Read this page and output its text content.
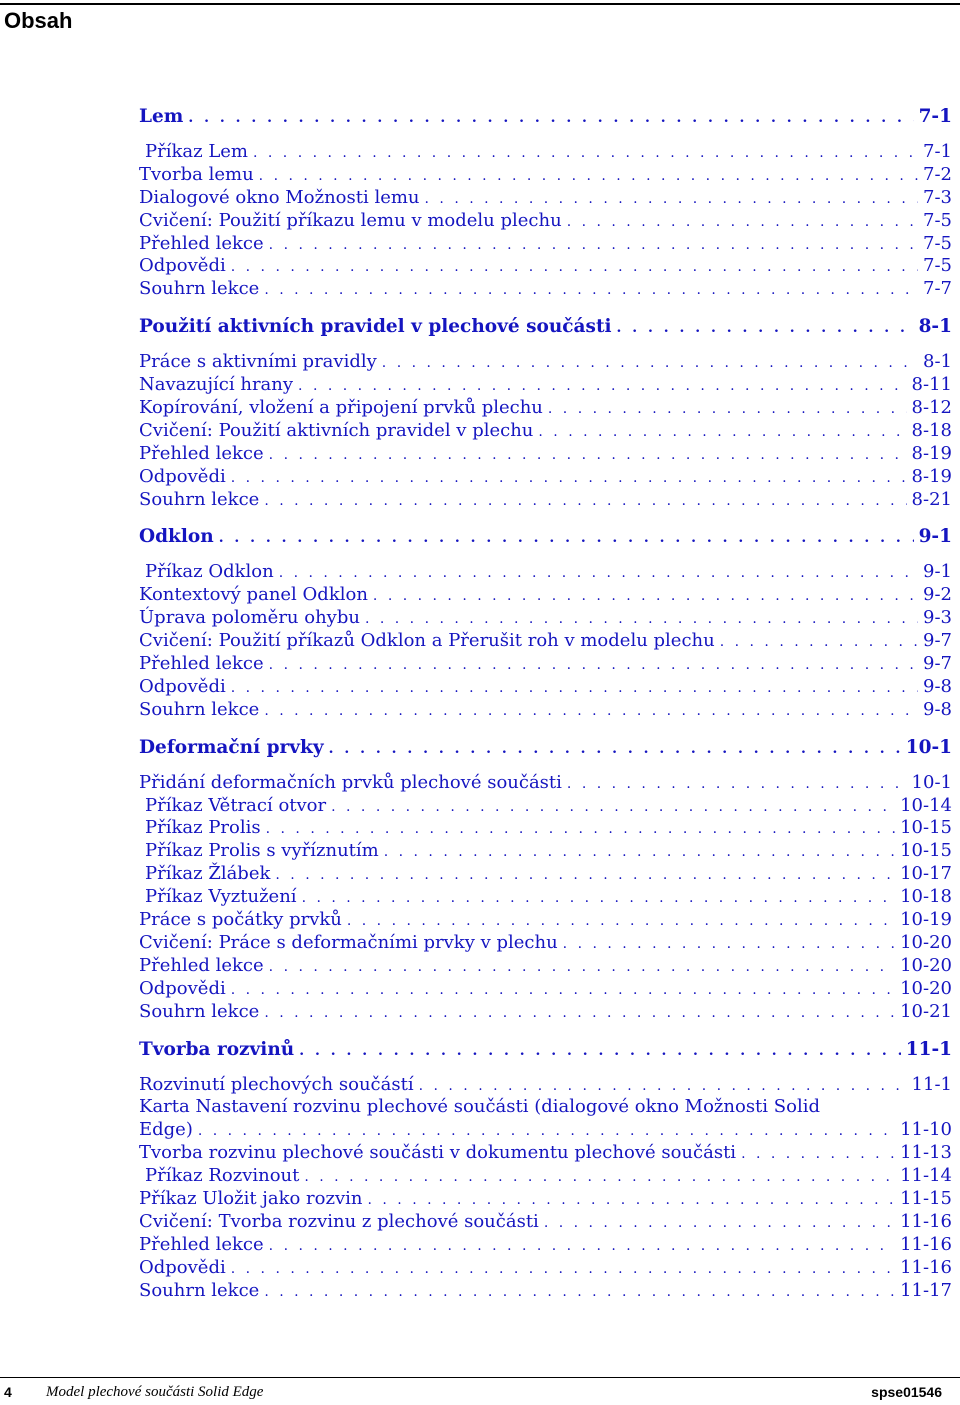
Obsah
Lem . . .	7-1
Příkaz Lem . . .	7-1
Tvorba lemu . . .	7-2
Dialogové okno Možnosti lemu . . .	7-3
Cvičení: Použití příkazu lemu v modelu plechu . . .	7-5
Přehled lekce . . .	7-5
Odpovědi . . .	7-5
Souhrn lekce . . .	7-7
Použití aktivních pravidel v plechové součásti . . .	8-1
Práce s aktivními pravidly . . .	8-1
Navazující hrany . . .	8-11
Kopírování, vložení a připojení prvků plechu . . .	8-12
Cvičení: Použití aktivních pravidel v plechu . . .	8-18
Přehled lekce . . .	8-19
Odpovědi . . .	8-19
Souhrn lekce . . .	8-21
Odklon . . .	9-1
Příkaz Odklon . . .	9-1
Kontextový panel Odklon . . .	9-2
Úprava poloměru ohybu . . .	9-3
Cvičení: Použití příkazů Odklon a Přerušit roh v modelu plechu . . .	9-7
Přehled lekce . . .	9-7
Odpovědi . . .	9-8
Souhrn lekce . . .	9-8
Deformační prvky . . .	10-1
Přidání deformačních prvků plechové součásti . . .	10-1
Příkaz Větrací otvor . . .	10-14
Příkaz Prolis . . .	10-15
Příkaz Prolis s vyříznutím . . .	10-15
Příkaz Žlábek . . .	10-17
Příkaz Vyztužení . . .	10-18
Práce s počátky prvků . . .	10-19
Cvičení: Práce s deformačními prvky v plechu . . .	10-20
Přehled lekce . . .	10-20
Odpovědi . . .	10-20
Souhrn lekce . . .	10-21
Tvorba rozvinů . . .	11-1
Rozvinutí plechových součástí . . .	11-1
Karta Nastavení rozvinu plechové součásti (dialogové okno Možnosti Solid
Edge) . . .	11-10
Tvorba rozvinu plechové součásti v dokumentu plechové součásti . . .	11-13
Příkaz Rozvinout . . .	11-14
Příkaz Uložit jako rozvin . . .	11-15
Cvičení: Tvorba rozvinu z plechové součásti . . .	11-16
Přehled lekce . . .	11-16
Odpovědi . . .	11-16
Souhrn lekce . . .	11-17
4 Model plechové součásti Solid Edge	spse01546
